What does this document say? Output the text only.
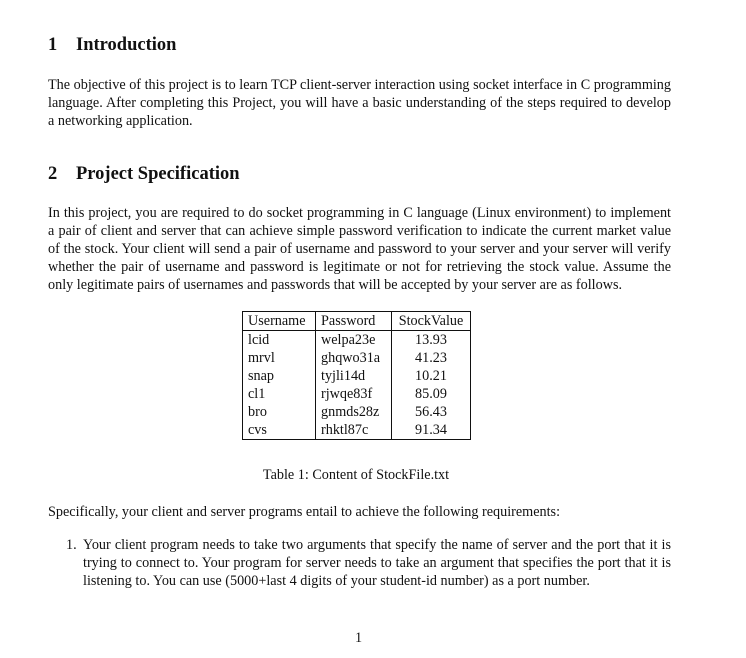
1 Introduction

The objective of this project is to learn TCP client-server interaction using socket interface in C programming language. After completing this Project, you will have a basic understanding of the steps required to develop a networking application.

2 Project Specification

In this project, you are required to do socket programming in C language (Linux environment) to implement a pair of client and server that can achieve simple password verification to indicate the current market value of the stock. Your client will send a pair of username and password to your server and your server will verify whether the pair of username and password is legitimate or not for retrieving the stock value. Assume the only legitimate pairs of usernames and passwords that will be accepted by your server are as follows.

Username	Password	StockValue
lcid	welpa23e	13.93
mrvl	ghqwo31a	41.23
snap	tyjli14d	10.21
cl1	rjwqe83f	85.09
bro	gnmds28z	56.43
cvs	rhktl87c	91.34
Table 1: Content of StockFile.txt

Specifically, your client and server programs entail to achieve the following requirements:

1. Your client program needs to take two arguments that specify the name of server and the port that it is trying to connect to. Your program for server needs to take an argument that specifies the port that it is listening to. You can use (5000+last 4 digits of your student-id number) as a port number.
1
